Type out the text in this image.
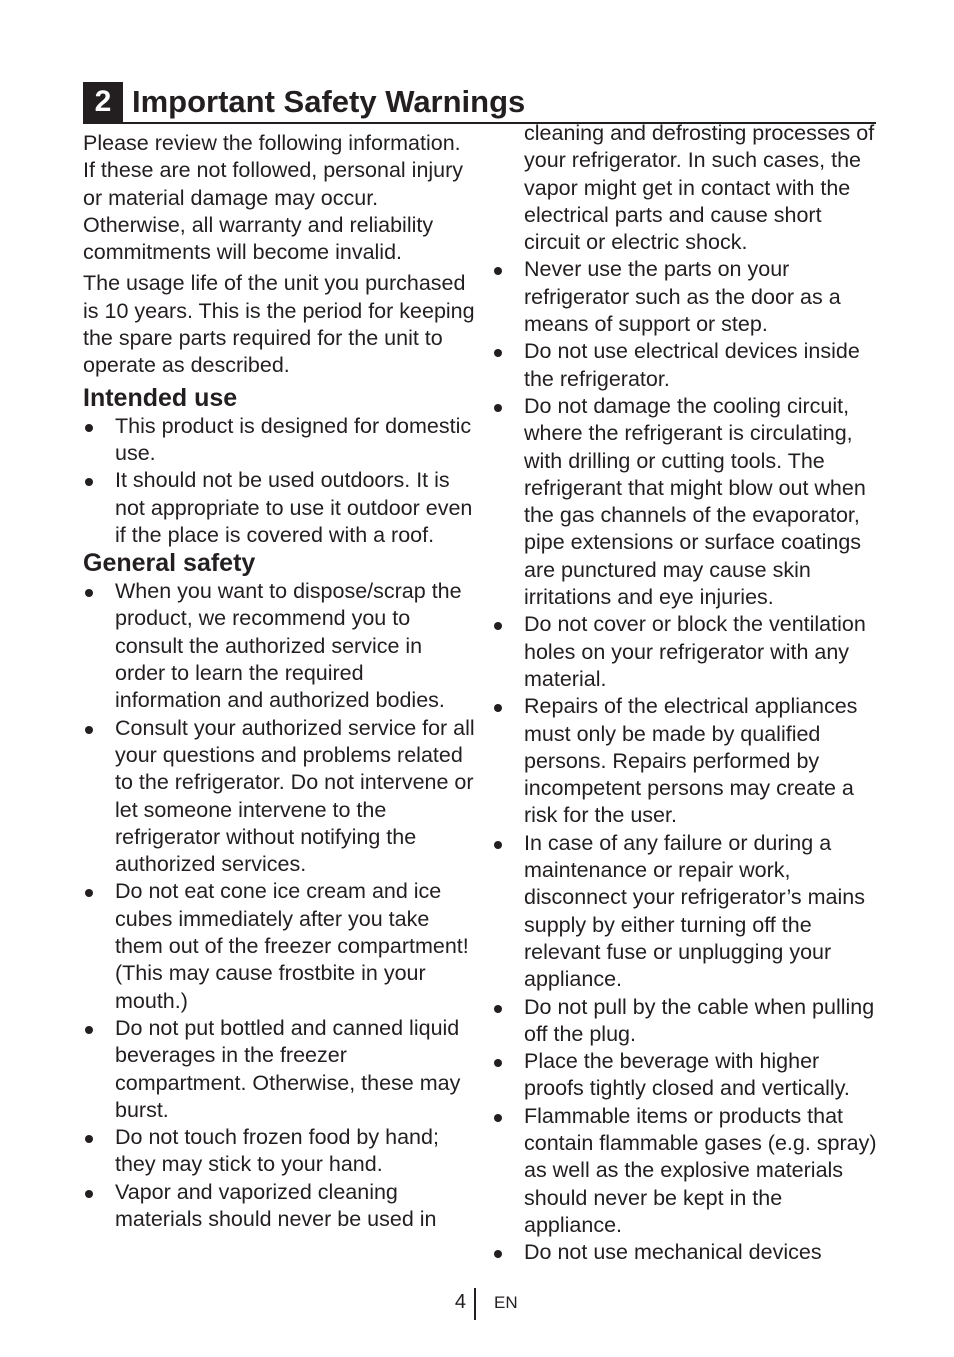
2 Important Safety Warnings

Please review the following information. If these are not followed, personal injury or material damage may occur. Otherwise, all warranty and reliability commitments will become invalid.

The usage life of the unit you purchased is 10 years. This is the period for keeping the spare parts required for the unit to operate as described.

Intended use
This product is designed for domestic use.
It should not be used outdoors. It is not appropriate to use it outdoor even if the place is covered with a roof.
General safety
When you want to dispose/scrap the product, we recommend you to consult the authorized service in order to learn the required information and authorized bodies.
Consult your authorized service for all your questions and problems related to the refrigerator. Do not intervene or let someone intervene to the refrigerator without notifying the authorized services.
Do not eat cone ice cream and ice cubes immediately after you take them out of the freezer compartment! (This may cause frostbite in your mouth.)
Do not put bottled and canned liquid beverages in the freezer compartment. Otherwise, these may burst.
Do not touch frozen food by hand; they may stick to your hand.
Vapor and vaporized cleaning materials should never be used in
cleaning and defrosting processes of your refrigerator. In such cases, the vapor might get in contact with the electrical parts and cause short circuit or electric shock.
Never use the parts on your refrigerator such as the door as a means of support or step.
Do not use electrical devices inside the refrigerator.
Do not damage the cooling circuit, where the refrigerant is circulating, with drilling or cutting tools. The refrigerant that might blow out when the gas channels of the evaporator, pipe extensions or surface coatings are punctured may cause skin irritations and eye injuries.
Do not cover or block the ventilation holes on your refrigerator with any material.
Repairs of the electrical appliances must only be made by qualified persons. Repairs performed by incompetent persons may create a risk for the user.
In case of any failure or during a maintenance or repair work, disconnect your refrigerator’s mains supply by either turning off the relevant fuse or unplugging your appliance.
Do not pull by the cable when pulling off the plug.
Place the beverage with higher proofs tightly closed and vertically.
Flammable items or products that contain flammable gases (e.g. spray) as well as the explosive materials should never be kept in the appliance.
Do not use mechanical devices
4 EN
